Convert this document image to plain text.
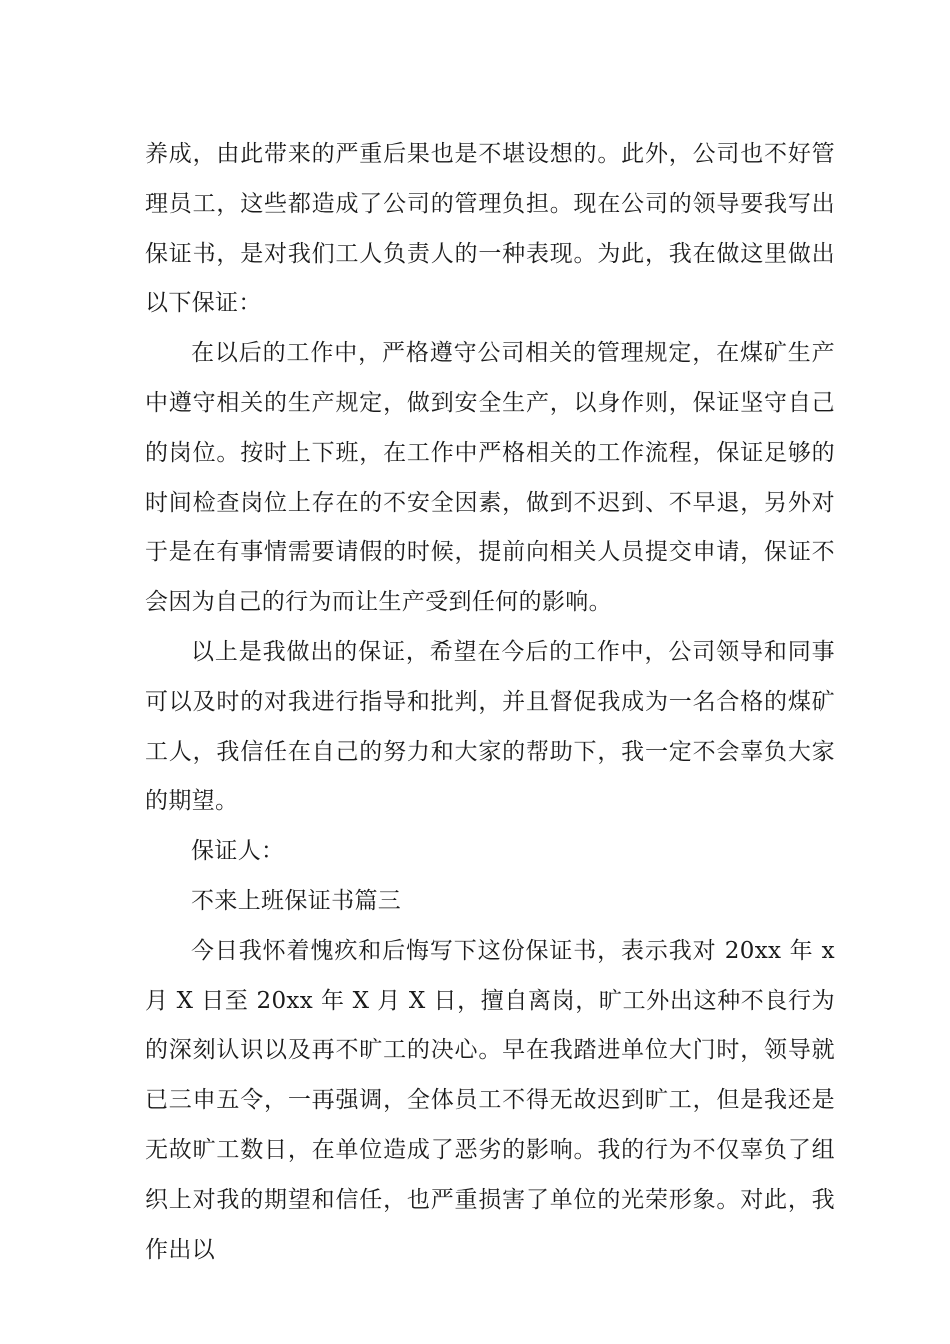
养成，由此带来的严重后果也是不堪设想的。此外，公司也不好管理员工，这些都造成了公司的管理负担。现在公司的领导要我写出保证书，是对我们工人负责人的一种表现。为此，我在做这里做出以下保证：

在以后的工作中，严格遵守公司相关的管理规定，在煤矿生产中遵守相关的生产规定，做到安全生产，以身作则，保证坚守自己的岗位。按时上下班，在工作中严格相关的工作流程，保证足够的时间检查岗位上存在的不安全因素，做到不迟到、不早退，另外对于是在有事情需要请假的时候，提前向相关人员提交申请，保证不会因为自己的行为而让生产受到任何的影响。

以上是我做出的保证，希望在今后的工作中，公司领导和同事可以及时的对我进行指导和批判，并且督促我成为一名合格的煤矿工人，我信任在自己的努力和大家的帮助下，我一定不会辜负大家的期望。

保证人：

不来上班保证书篇三

今日我怀着愧疚和后悔写下这份保证书，表示我对 20xx 年 x 月 X 日至 20xx 年 X 月 X 日，擅自离岗，旷工外出这种不良行为的深刻认识以及再不旷工的决心。早在我踏进单位大门时，领导就已三申五令，一再强调，全体员工不得无故迟到旷工，但是我还是无故旷工数日，在单位造成了恶劣的影响。我的行为不仅辜负了组织上对我的期望和信任，也严重损害了单位的光荣形象。对此，我作出以
